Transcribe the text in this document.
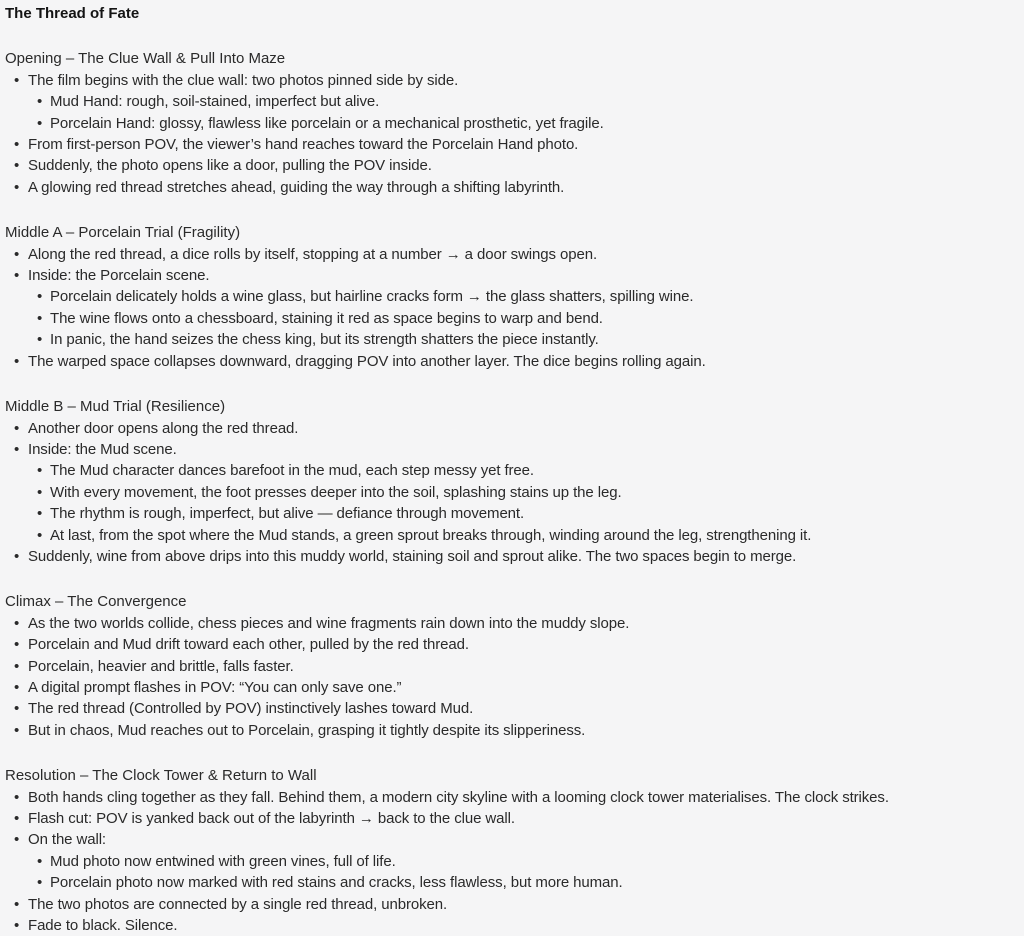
The Thread of Fate
Opening – The Clue Wall & Pull Into Maze
• The film begins with the clue wall: two photos pinned side by side.
• Mud Hand: rough, soil-stained, imperfect but alive.
• Porcelain Hand: glossy, flawless like porcelain or a mechanical prosthetic, yet fragile.
• From first-person POV, the viewer’s hand reaches toward the Porcelain Hand photo.
• Suddenly, the photo opens like a door, pulling the POV inside.
• A glowing red thread stretches ahead, guiding the way through a shifting labyrinth.
Middle A – Porcelain Trial (Fragility)
• Along the red thread, a dice rolls by itself, stopping at a number → a door swings open.
• Inside: the Porcelain scene.
• Porcelain delicately holds a wine glass, but hairline cracks form → the glass shatters, spilling wine.
• The wine flows onto a chessboard, staining it red as space begins to warp and bend.
• In panic, the hand seizes the chess king, but its strength shatters the piece instantly.
• The warped space collapses downward, dragging POV into another layer. The dice begins rolling again.
Middle B – Mud Trial (Resilience)
• Another door opens along the red thread.
• Inside: the Mud scene.
• The Mud character dances barefoot in the mud, each step messy yet free.
• With every movement, the foot presses deeper into the soil, splashing stains up the leg.
• The rhythm is rough, imperfect, but alive — defiance through movement.
• At last, from the spot where the Mud stands, a green sprout breaks through, winding around the leg, strengthening it.
• Suddenly, wine from above drips into this muddy world, staining soil and sprout alike. The two spaces begin to merge.
Climax – The Convergence
• As the two worlds collide, chess pieces and wine fragments rain down into the muddy slope.
• Porcelain and Mud drift toward each other, pulled by the red thread.
• Porcelain, heavier and brittle, falls faster.
• A digital prompt flashes in POV: “You can only save one.”
• The red thread (Controlled by POV) instinctively lashes toward Mud.
• But in chaos, Mud reaches out to Porcelain, grasping it tightly despite its slipperiness.
Resolution – The Clock Tower & Return to Wall
• Both hands cling together as they fall. Behind them, a modern city skyline with a looming clock tower materialises. The clock strikes.
• Flash cut: POV is yanked back out of the labyrinth → back to the clue wall.
• On the wall:
• Mud photo now entwined with green vines, full of life.
• Porcelain photo now marked with red stains and cracks, less flawless, but more human.
• The two photos are connected by a single red thread, unbroken.
• Fade to black. Silence.
